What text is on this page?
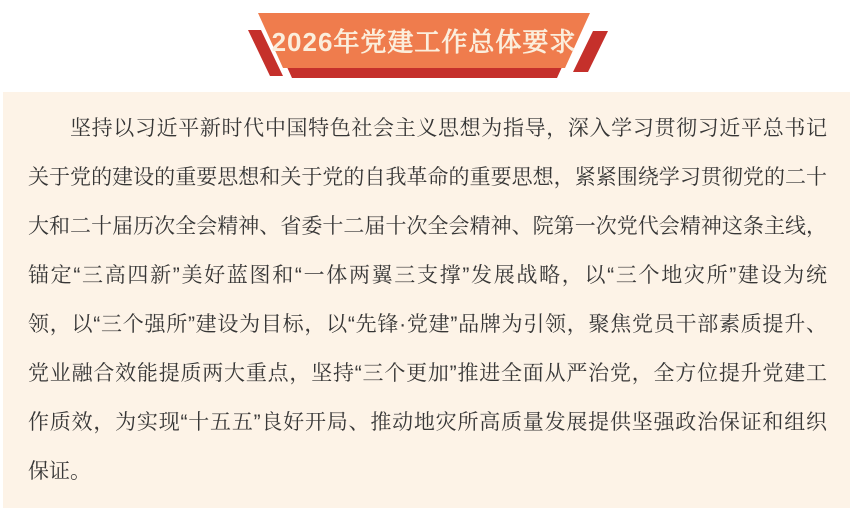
2026年党建工作总体要求
坚持以习近平新时代中国特色社会主义思想为指导，深入学习贯彻习近平总书记
关于党的建设的重要思想和关于党的自我革命的重要思想，紧紧围绕学习贯彻党的二十
大和二十届历次全会精神、省委十二届十次全会精神、院第一次党代会精神这条主线，
锚定“三高四新”美好蓝图和“一体两翼三支撑”发展战略，以“三个地灾所”建设为统
领，以“三个强所”建设为目标，以“先锋·党建”品牌为引领，聚焦党员干部素质提升、
党业融合效能提质两大重点，坚持“三个更加”推进全面从严治党，全方位提升党建工
作质效，为实现“十五五”良好开局、推动地灾所高质量发展提供坚强政治保证和组织
保证。
